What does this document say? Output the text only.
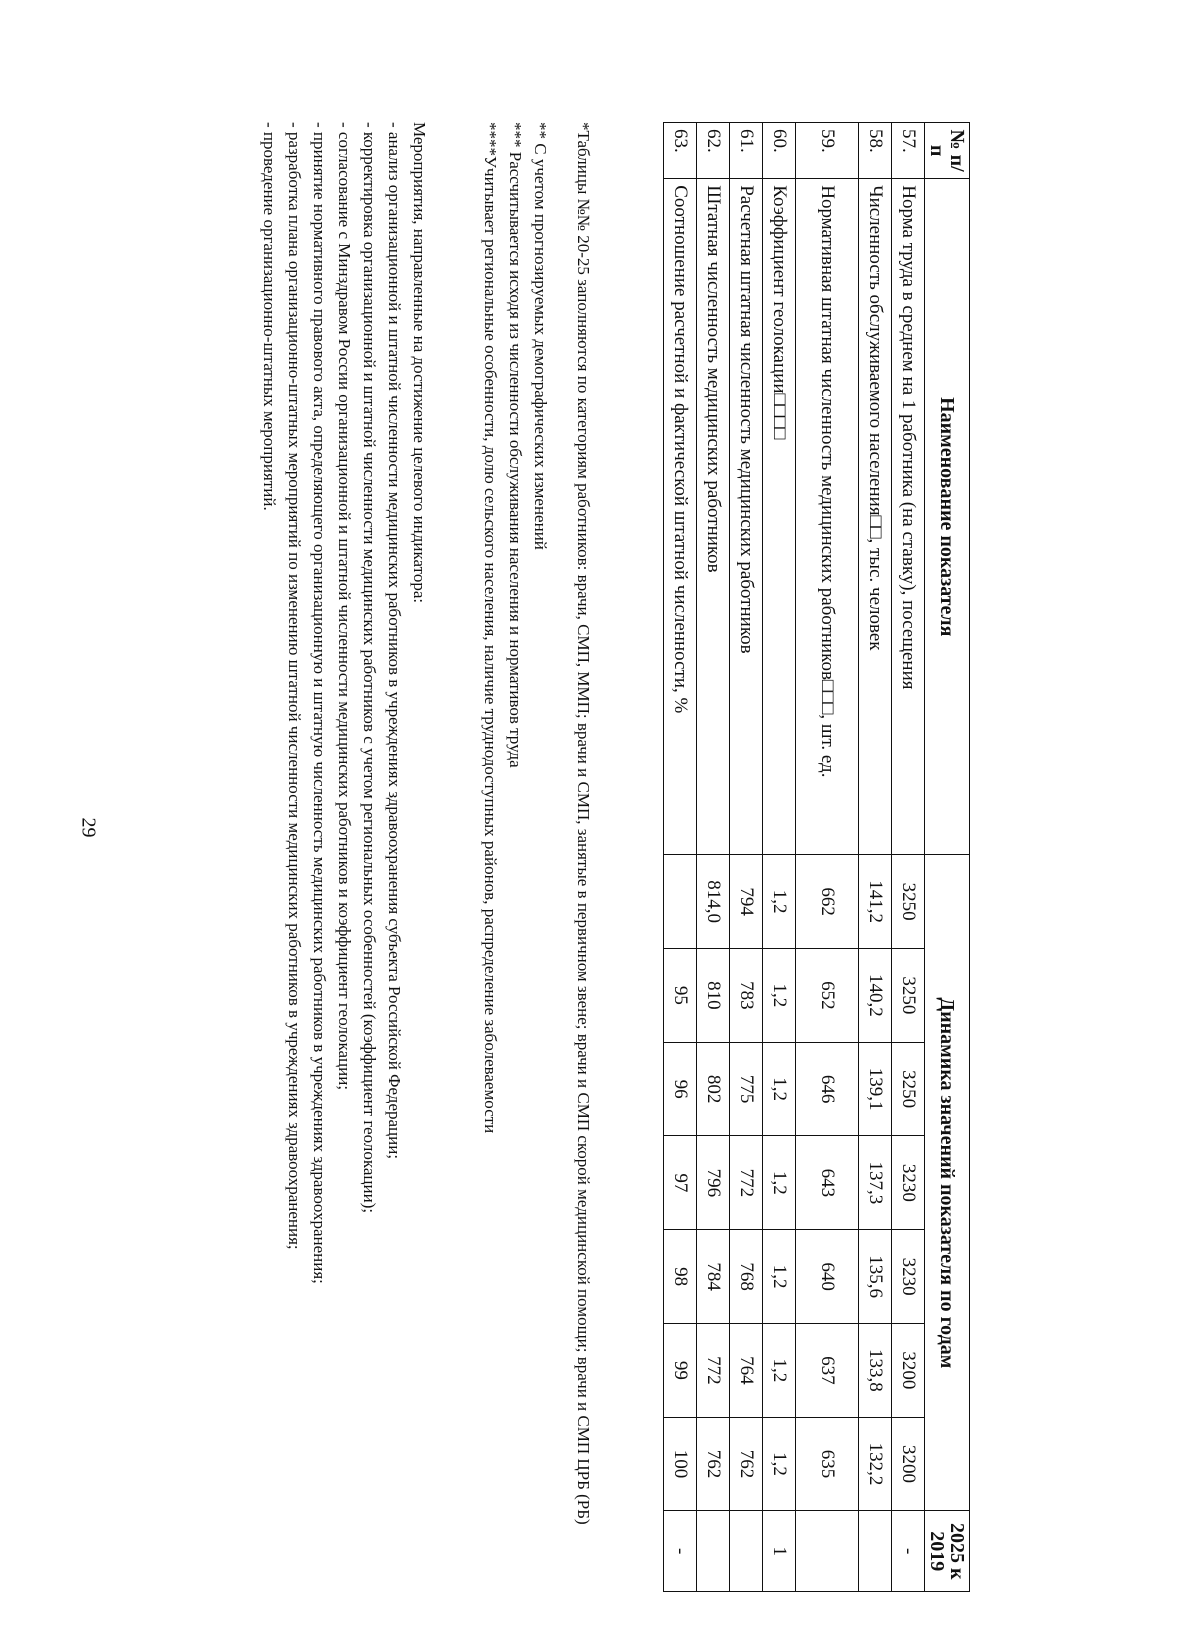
29
№ п/п	Наименование показателя	Динамика значений показателя по годам							2025 к 2019
57.	Норма труда в среднем на 1 работника (на ставку), посещения	3250	3250	3250	3230	3230	3200	3200	-
58.	Численность обслуживаемого населения□□, тыс. человек	141,2	140,2	139,1	137,3	135,6	133,8	132,2	
59.	Нормативная штатная численность медицинских работников□□□, шт. ед.	662	652	646	643	640	637	635	
60.	Коэффициент геолокации□□□□	1,2	1,2	1,2	1,2	1,2	1,2	1,2	1
61.	Расчетная штатная численность медицинских работников	794	783	775	772	768	764	762	
62.	Штатная численность медицинских работников	814,0	810	802	796	784	772	762	
63.	Соотношение расчетной и фактической штатной численности, %		95	96	97	98	99	100	-

*Таблицы №№ 20-25 заполняются по категориям работников: врачи, СМП, ММП; врачи и СМП, занятые в первичном звене; врачи и СМП скорой медицинской помощи; врачи и СМП ЦРБ (РБ)

** С учетом прогнозируемых демографических изменений

*** Рассчитывается исходя из численности обслуживания населения и нормативов труда

****Учитывает региональные особенности, долю сельского населения, наличие труднодоступных районов, распределение заболеваемости

Мероприятия, направленные на достижение целевого индикатора:

- анализ организационной и штатной численности медицинских работников в учреждениях здравоохранения субъекта Российской Федерации;

- корректировка организационной и штатной численности медицинских работников с учетом региональных особенностей (коэффициент геолокации);

- согласование с Минздравом России организационной и штатной численности медицинских работников и коэффициент геолокации;

- принятие нормативного правового акта, определяющего организационную и штатную численность медицинских работников в учреждениях здравоохранения;

- разработка плана организационно-штатных мероприятий по изменению штатной численности медицинских работников в учреждениях здравоохранения;

- проведение организационно-штатных мероприятий.
